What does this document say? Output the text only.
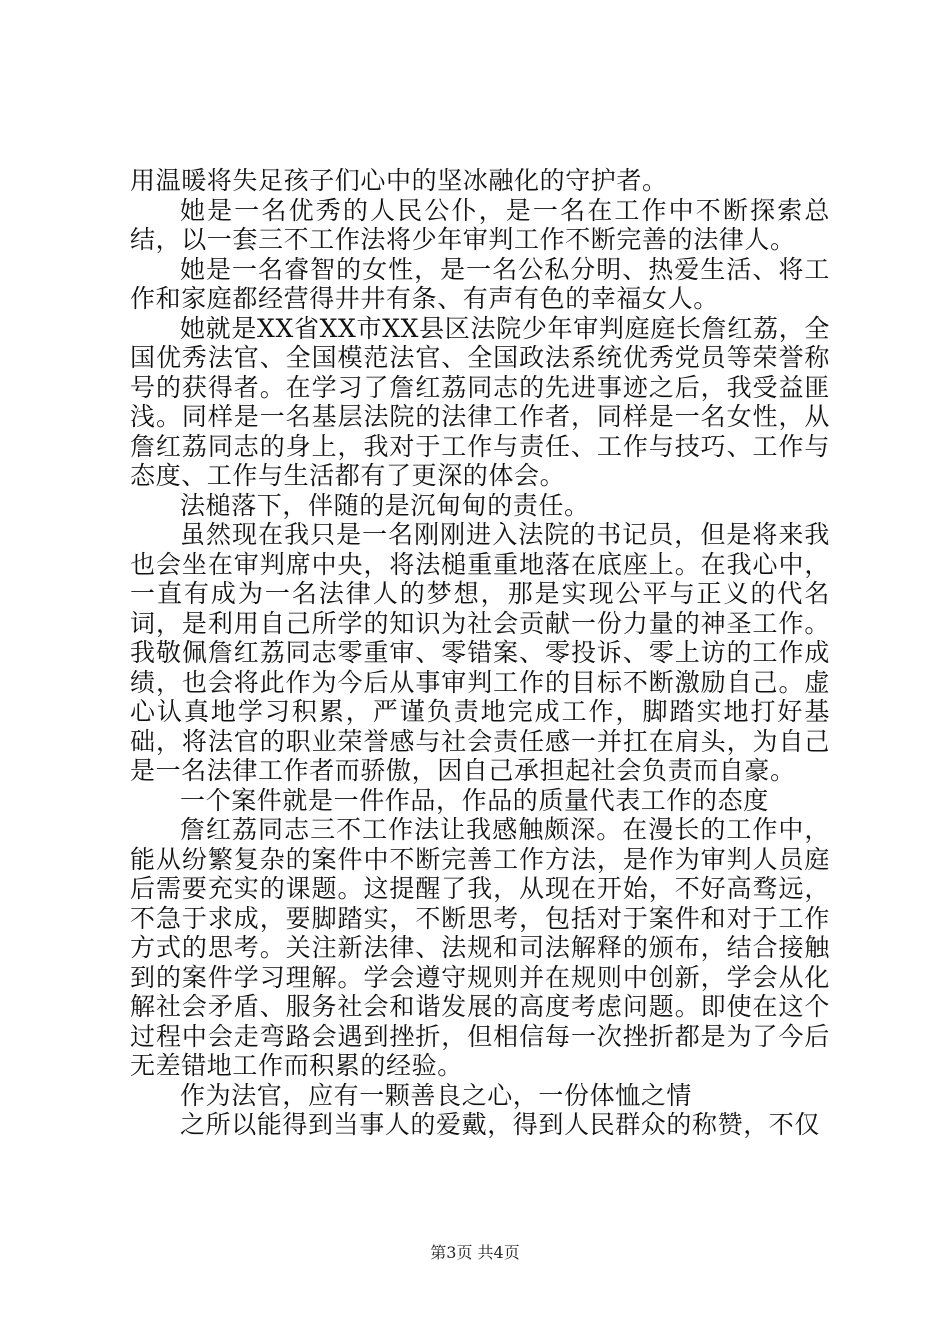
用温暖将失足孩子们心中的坚冰融化的守护者。

她是一名优秀的人民公仆，是一名在工作中不断探索总结，以一套三不工作法将少年审判工作不断完善的法律人。

她是一名睿智的女性，是一名公私分明、热爱生活、将工作和家庭都经营得井井有条、有声有色的幸福女人。

她就是XX省XX市XX县区法院少年审判庭庭长詹红荔，全国优秀法官、全国模范法官、全国政法系统优秀党员等荣誉称号的获得者。在学习了詹红荔同志的先进事迹之后，我受益匪浅。同样是一名基层法院的法律工作者，同样是一名女性，从詹红荔同志的身上，我对于工作与责任、工作与技巧、工作与态度、工作与生活都有了更深的体会。

法槌落下，伴随的是沉甸甸的责任。

虽然现在我只是一名刚刚进入法院的书记员，但是将来我也会坐在审判席中央，将法槌重重地落在底座上。在我心中，一直有成为一名法律人的梦想，那是实现公平与正义的代名词，是利用自己所学的知识为社会贡献一份力量的神圣工作。我敬佩詹红荔同志零重审、零错案、零投诉、零上访的工作成绩，也会将此作为今后从事审判工作的目标不断激励自己。虚心认真地学习积累，严谨负责地完成工作，脚踏实地打好基础，将法官的职业荣誉感与社会责任感一并扛在肩头，为自己是一名法律工作者而骄傲，因自己承担起社会负责而自豪。

一个案件就是一件作品，作品的质量代表工作的态度

詹红荔同志三不工作法让我感触颇深。在漫长的工作中，能从纷繁复杂的案件中不断完善工作方法，是作为审判人员庭后需要充实的课题。这提醒了我，从现在开始，不好高骛远，不急于求成，要脚踏实，不断思考，包括对于案件和对于工作方式的思考。关注新法律、法规和司法解释的颁布，结合接触到的案件学习理解。学会遵守规则并在规则中创新，学会从化解社会矛盾、服务社会和谐发展的高度考虑问题。即使在这个过程中会走弯路会遇到挫折，但相信每一次挫折都是为了今后无差错地工作而积累的经验。

作为法官，应有一颗善良之心，一份体恤之情

之所以能得到当事人的爱戴，得到人民群众的称赞，不仅

第3页 共4页
